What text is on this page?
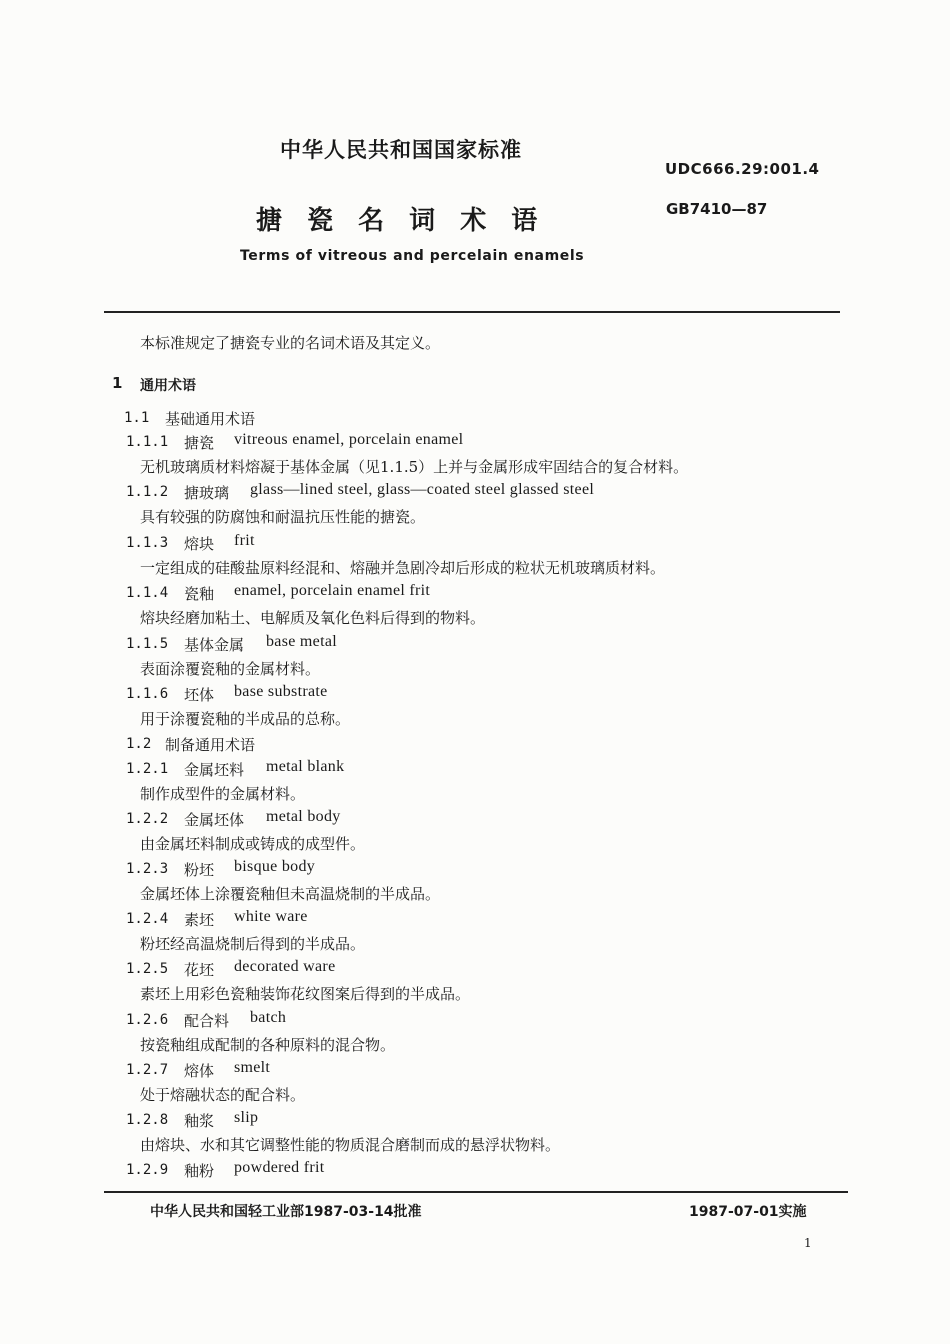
中华人民共和国国家标准
UDC666.29:001.4
搪 瓷 名 词 术 语	GB7410—87
Terms of vitreous and percelain enamels
本标准规定了搪瓷专业的名词术语及其定义。
1 通用术语
1.1 基础通用术语
1.1.1 搪瓷 vitreous enamel, porcelain enamel
无机玻璃质材料熔凝于基体金属（见1.1.5）上并与金属形成牢固结合的复合材料。
1.1.2 搪玻璃 glass—lined steel, glass—coated steel glassed steel
具有较强的防腐蚀和耐温抗压性能的搪瓷。
1.1.3 熔块 frit
一定组成的硅酸盐原料经混和、熔融并急剧冷却后形成的粒状无机玻璃质材料。
1.1.4 瓷釉 enamel, porcelain enamel frit
熔块经磨加粘土、电解质及氧化色料后得到的物料。
1.1.5 基体金属 base metal
表面涂覆瓷釉的金属材料。
1.1.6 坯体 base substrate
用于涂覆瓷釉的半成品的总称。
1.2 制备通用术语
1.2.1 金属坯料 metal blank
制作成型件的金属材料。
1.2.2 金属坯体 metal body
由金属坯料制成或铸成的成型件。
1.2.3 粉坯 bisque body
金属坯体上涂覆瓷釉但未高温烧制的半成品。
1.2.4 素坯 white ware
粉坯经高温烧制后得到的半成品。
1.2.5 花坯 decorated ware
素坯上用彩色瓷釉装饰花纹图案后得到的半成品。
1.2.6 配合料 batch
按瓷釉组成配制的各种原料的混合物。
1.2.7 熔体 smelt
处于熔融状态的配合料。
1.2.8 釉浆 slip
由熔块、水和其它调整性能的物质混合磨制而成的悬浮状物料。
1.2.9 釉粉 powdered frit
中华人民共和国轻工业部1987-03-14批准	1987-07-01实施
1
